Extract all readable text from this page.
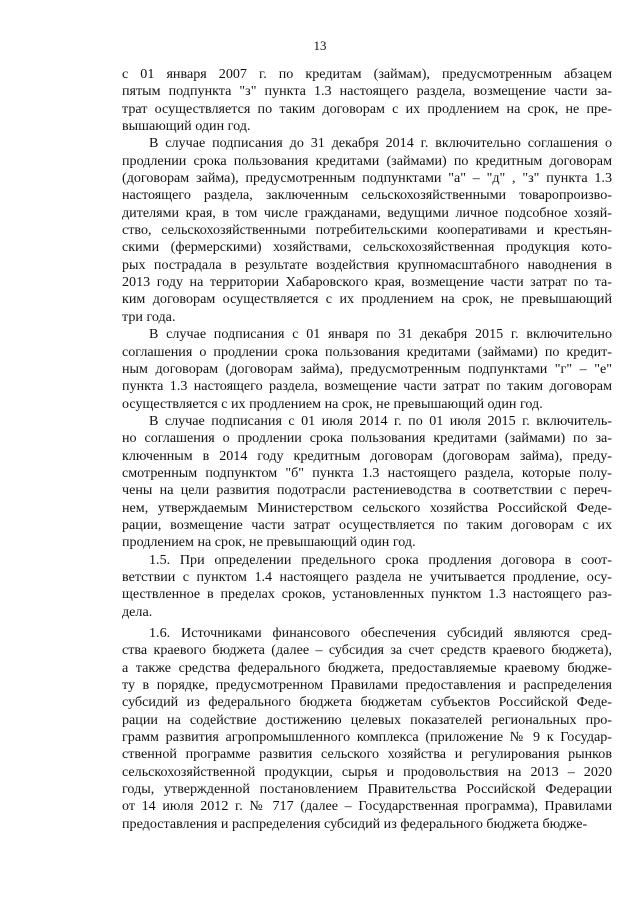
13
с 01 января 2007 г. по кредитам (займам), предусмотренным абзацем
пятым подпункта "з" пункта 1.3 настоящего раздела, возмещение части за-
трат осуществляется по таким договорам с их продлением на срок, не пре-
вышающий один год.
В случае подписания до 31 декабря 2014 г. включительно соглашения о
продлении срока пользования кредитами (займами) по кредитным договорам
(договорам займа), предусмотренным подпунктами "а" – "д" , "з" пункта 1.3
настоящего раздела, заключенным сельскохозяйственными товаропроизво-
дителями края, в том числе гражданами, ведущими личное подсобное хозяй-
ство, сельскохозяйственными потребительскими кооперативами и крестьян-
скими (фермерскими) хозяйствами, сельскохозяйственная продукция кото-
рых пострадала в результате воздействия крупномасштабного наводнения в
2013 году на территории Хабаровского края, возмещение части затрат по та-
ким договорам осуществляется с их продлением на срок, не превышающий
три года.
В случае подписания с 01 января по 31 декабря 2015 г. включительно
соглашения о продлении срока пользования кредитами (займами) по кредит-
ным договорам (договорам займа), предусмотренным подпунктами "г" – "е"
пункта 1.3 настоящего раздела, возмещение части затрат по таким договорам
осуществляется с их продлением на срок, не превышающий один год.
В случае подписания с 01 июля 2014 г. по 01 июля 2015 г. включитель-
но соглашения о продлении срока пользования кредитами (займами) по за-
ключенным в 2014 году кредитным договорам (договорам займа), преду-
смотренным подпунктом "б" пункта 1.3 настоящего раздела, которые полу-
чены на цели развития подотрасли растениеводства в соответствии с переч-
нем, утверждаемым Министерством сельского хозяйства Российской Феде-
рации, возмещение части затрат осуществляется по таким договорам с их
продлением на срок, не превышающий один год.
1.5. При определении предельного срока продления договора в соот-
ветствии с пунктом 1.4 настоящего раздела не учитывается продление, осу-
ществленное в пределах сроков, установленных пунктом 1.3 настоящего раз-
дела.
1.6. Источниками финансового обеспечения субсидий являются сред-
ства краевого бюджета (далее – субсидия за счет средств краевого бюджета),
а также средства федерального бюджета, предоставляемые краевому бюдже-
ту в порядке, предусмотренном Правилами предоставления и распределения
субсидий из федерального бюджета бюджетам субъектов Российской Феде-
рации на содействие достижению целевых показателей региональных про-
грамм развития агропромышленного комплекса (приложение № 9 к Государ-
ственной программе развития сельского хозяйства и регулирования рынков
сельскохозяйственной продукции, сырья и продовольствия на 2013 – 2020
годы, утвержденной постановлением Правительства Российской Федерации
от 14 июля 2012 г. № 717 (далее – Государственная программа), Правилами
предоставления и распределения субсидий из федерального бюджета бюдже-
